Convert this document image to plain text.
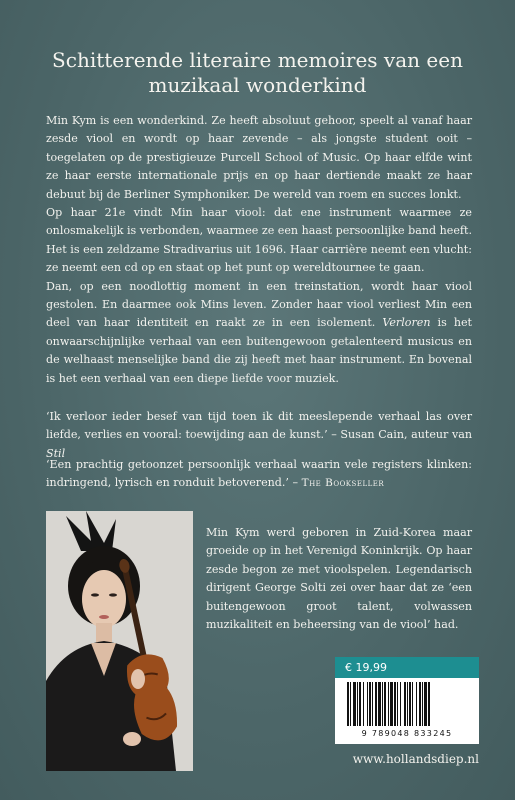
Schitterende literaire memoires van een muzikaal wonderkind

Min Kym is een wonderkind. Ze heeft absoluut gehoor, speelt al vanaf haar zesde viool en wordt op haar zevende – als jongste student ooit – toegelaten op de prestigieuze Purcell School of Music. Op haar elfde wint ze haar eerste internationale prijs en op haar dertiende maakt ze haar debuut bij de Berliner Symphoniker. De wereld van roem en succes lonkt.

Op haar 21e vindt Min haar viool: dat ene instrument waarmee ze onlosmakelijk is verbonden, waarmee ze een haast persoonlijke band heeft. Het is een zeldzame Stradivarius uit 1696. Haar carrière neemt een vlucht: ze neemt een cd op en staat op het punt op wereldtournee te gaan.

Dan, op een noodlottig moment in een treinstation, wordt haar viool gestolen. En daarmee ook Mins leven. Zonder haar viool verliest Min een deel van haar identiteit en raakt ze in een isolement. Verloren is het onwaarschijnlijke verhaal van een buitengewoon getalenteerd musicus en de welhaast menselijke band die zij heeft met haar instrument. En bovenal is het een verhaal van een diepe liefde voor muziek.

‘Ik verloor ieder besef van tijd toen ik dit meeslepende verhaal las over liefde, verlies en vooral: toewijding aan de kunst.’ – Susan Cain, auteur van Stil
‘Een prachtig getoonzet persoonlijk verhaal waarin vele registers klinken: indringend, lyrisch en ronduit betoverend.’ – The Bookseller
Min Kym werd geboren in Zuid-Korea maar groeide op in het Verenigd Koninkrijk. Op haar zesde begon ze met vioolspelen. Legendarisch dirigent George Solti zei over haar dat ze ‘een buitengewoon groot talent, volwassen muzikaliteit en beheersing van de viool’ had.
€ 19,99
9 789048 833245
www.hollandsdiep.nl
